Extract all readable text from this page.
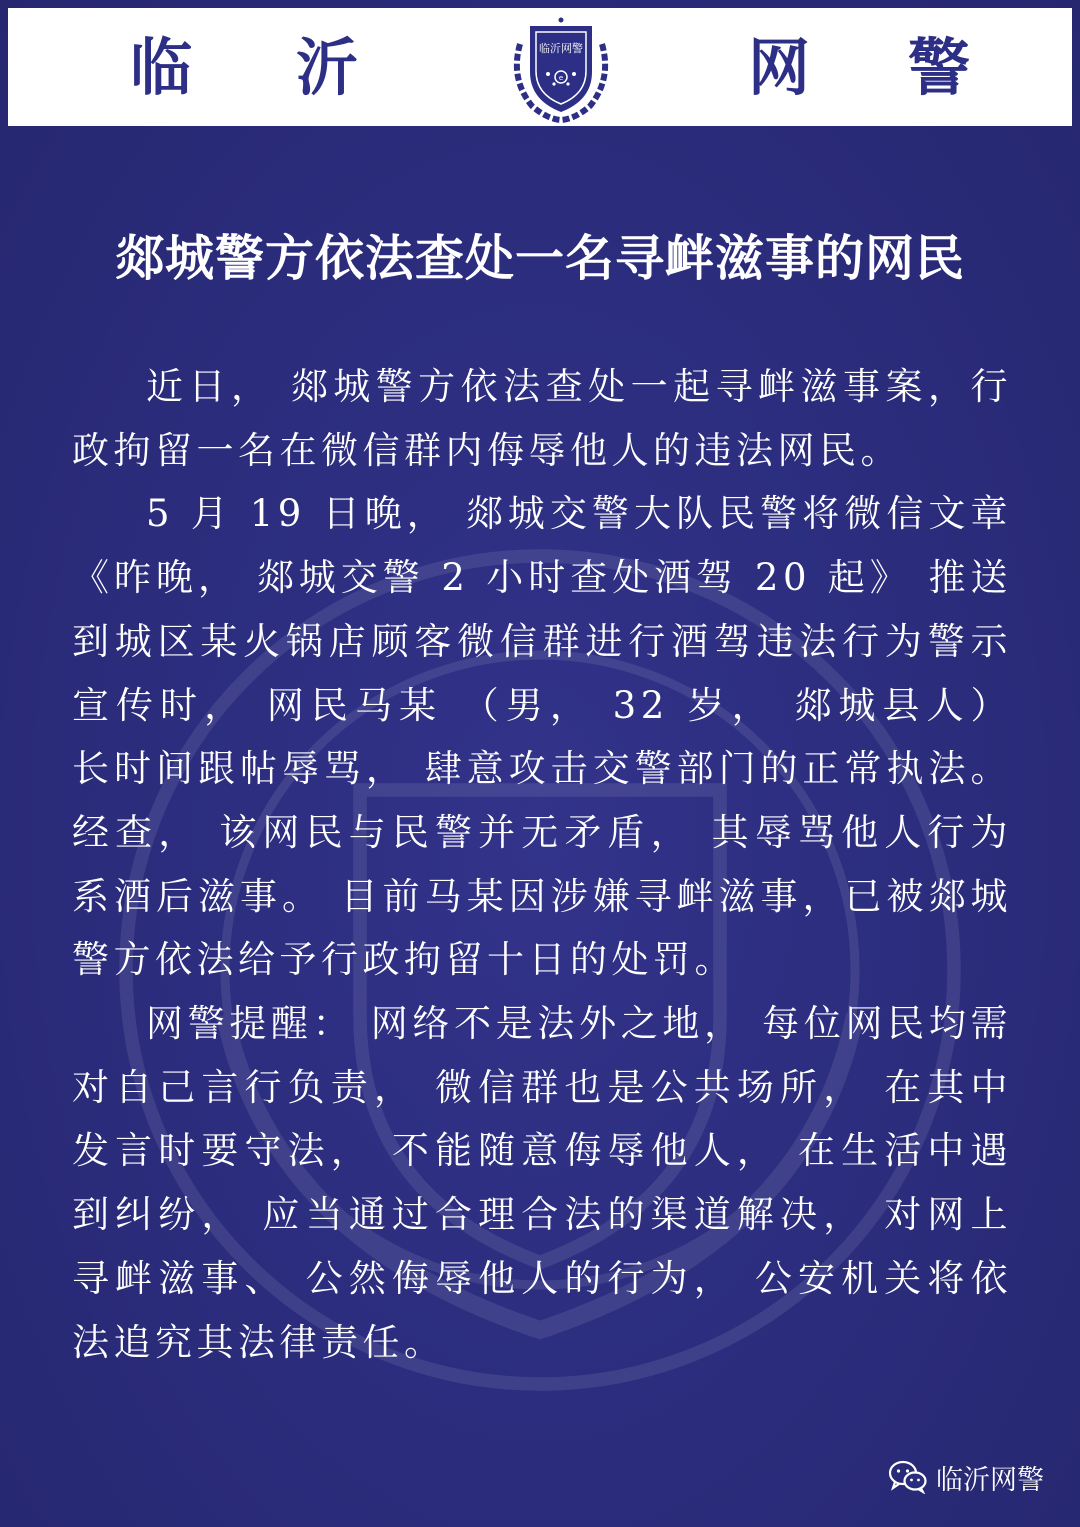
临 沂	e
临沂网警	网 警
郯城警方依法查处一名寻衅滋事的网民

近日， 郯城警方依法查处一起寻衅滋事案，行政拘留一名在微信群内侮辱他人的违法网民。

5 月 19 日晚， 郯城交警大队民警将微信文章 《昨晚， 郯城交警 2 小时查处酒驾 20 起》 推送到城区某火锅店顾客微信群进行酒驾违法行为警示宣传时， 网民马某 （男， 32 岁， 郯城县人） 长时间跟帖辱骂， 肆意攻击交警部门的正常执法。 经查， 该网民与民警并无矛盾， 其辱骂他人行为系酒后滋事。 目前马某因涉嫌寻衅滋事，已被郯城警方依法给予行政拘留十日的处罚。

网警提醒： 网络不是法外之地， 每位网民均需对自己言行负责， 微信群也是公共场所， 在其中发言时要守法， 不能随意侮辱他人， 在生活中遇到纠纷， 应当通过合理合法的渠道解决， 对网上寻衅滋事、 公然侮辱他人的行为， 公安机关将依法追究其法律责任。

临沂网警
